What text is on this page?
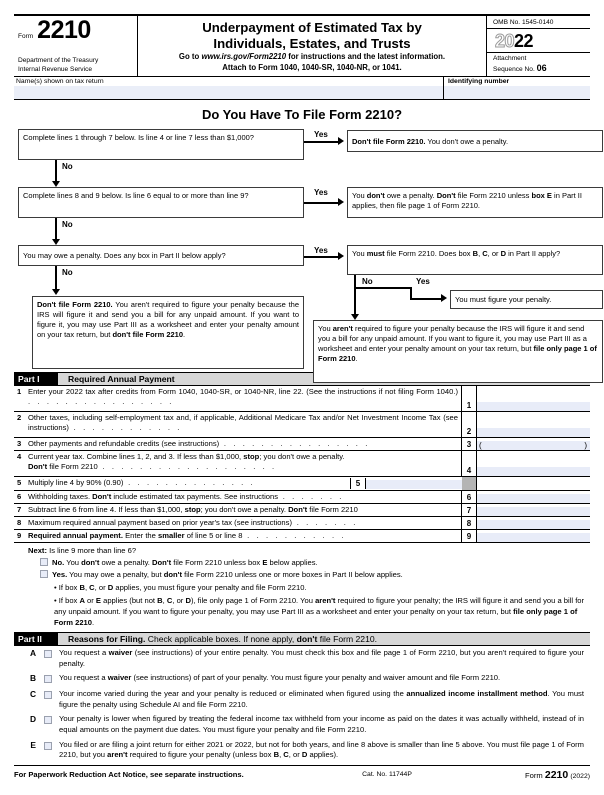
Form 2210
Department of the Treasury
Internal Revenue Service
Underpayment of Estimated Tax by
Individuals, Estates, and Trusts
Go to www.irs.gov/Form2210 for instructions and the latest information.
Attach to Form 1040, 1040-SR, 1040-NR, or 1041.
OMB No. 1545-0140
2022
Attachment
Sequence No. 06
Name(s) shown on tax return	Identifying number
Do You Have To File Form 2210?
Complete lines 1 through 7 below. Is line 4 or line 7 less than $1,000?	Yes
Don't file Form 2210. You don't owe a penalty.
No
Complete lines 8 and 9 below. Is line 6 equal to or more than line 9?	Yes	You don't owe a penalty. Don't file Form 2210 unless box E in Part II applies, then file page 1 of Form 2210.
No
You may owe a penalty. Does any box in Part II below apply?
Yes	You must file Form 2210. Does box B, C, or D in Part II apply?
No
No	Yes
You must figure your penalty.
Don't file Form 2210. You aren't required to figure your penalty because the IRS will figure it and send you a bill for any unpaid amount. If you want to figure it, you may use Part III as a worksheet and enter your penalty amount on your tax return, but don't file Form 2210.
You aren't required to figure your penalty because the IRS will figure it and send you a bill for any unpaid amount. If you want to figure it, you may use Part III as a worksheet and enter your penalty amount on your tax return, but file only page 1 of Form 2210.
Part I	Required Annual Payment
1 Enter your 2022 tax after credits from Form 1040, 1040-SR, or 1040-NR, line 22. (See the instructions if not filing Form 1040.) . . . . . . . . . . . . . . . .	1
2 Other taxes, including self-employment tax and, if applicable, Additional Medicare Tax and/or Net Investment Income Tax (see instructions) . . . . . . . . . . . .	2
3 Other payments and refundable credits (see instructions) . . . . . . . . . . . . . . . .	3
( )
4 Current year tax. Combine lines 1, 2, and 3. If less than $1,000, stop; you don't owe a penalty.
Don't file Form 2210 . . . . . . . . . . . . . . . . . . .	4
5 Multiply line 4 by 90% (0.90) . . . . . . . . . . . . . .	5
6 Withholding taxes. Don't include estimated tax payments. See instructions . . . . . . .	6
7 Subtract line 6 from line 4. If less than $1,000, stop; you don't owe a penalty. Don't file Form 2210	7
8 Maximum required annual payment based on prior year's tax (see instructions) . . . . . . .	8
9 Required annual payment. Enter the smaller of line 5 or line 8 . . . . . . . . . . .	9
Next: Is line 9 more than line 6?
No. You don't owe a penalty. Don't file Form 2210 unless box E below applies.
Yes. You may owe a penalty, but don't file Form 2210 unless one or more boxes in Part II below applies.
• If box B, C, or D applies, you must figure your penalty and file Form 2210.
• If box A or E applies (but not B, C, or D), file only page 1 of Form 2210. You aren't required to figure your penalty; the IRS will figure it and send you a bill for any unpaid amount. If you want to figure your penalty, you may use Part III as a worksheet and enter your penalty on your tax return, but file only page 1 of Form 2210.
Part II	Reasons for Filing. Check applicable boxes. If none apply, don't file Form 2210.
A	You request a waiver (see instructions) of your entire penalty. You must check this box and file page 1 of Form 2210, but you aren't required to figure your penalty.
B	You request a waiver (see instructions) of part of your penalty. You must figure your penalty and waiver amount and file Form 2210.
C	Your income varied during the year and your penalty is reduced or eliminated when figured using the annualized income installment method. You must figure the penalty using Schedule AI and file Form 2210.
D	Your penalty is lower when figured by treating the federal income tax withheld from your income as paid on the dates it was actually withheld, instead of in equal amounts on the payment due dates. You must figure your penalty and file Form 2210.
E	You filed or are filing a joint return for either 2021 or 2022, but not for both years, and line 8 above is smaller than line 5 above. You must file page 1 of Form 2210, but you aren't required to figure your penalty (unless box B, C, or D applies).
For Paperwork Reduction Act Notice, see separate instructions.	Cat. No. 11744P	Form 2210 (2022)
